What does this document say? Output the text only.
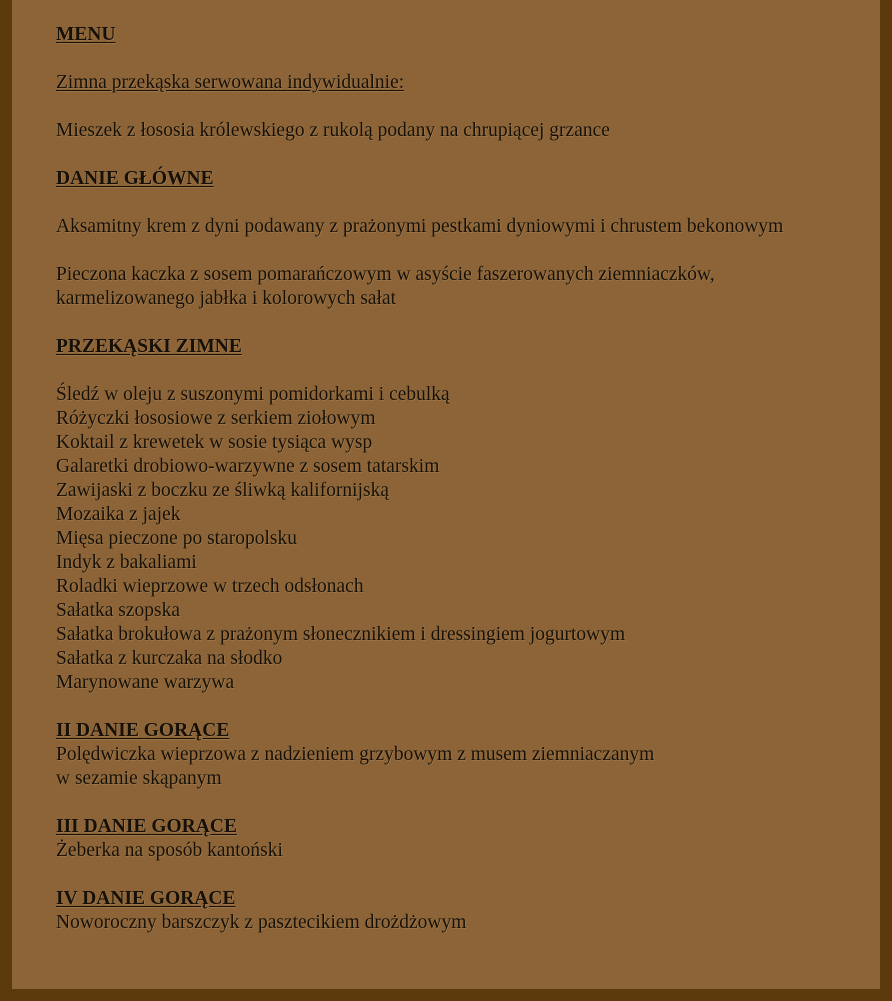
MENU
Zimna przekąska serwowana indywidualnie:
Mieszek z łososia królewskiego z rukolą podany na chrupiącej grzance
DANIE GŁÓWNE
Aksamitny krem z dyni podawany z prażonymi pestkami dyniowymi i chrustem bekonowym
Pieczona kaczka z sosem pomarańczowym w asyście faszerowanych ziemniaczków,
karmelizowanego jabłka i kolorowych sałat
PRZEKĄSKI ZIMNE
Śledź w oleju z suszonymi pomidorkami i cebulką
Różyczki łososiowe z serkiem ziołowym
Koktail z krewetek w sosie tysiąca wysp
Galaretki drobiowo-warzywne z sosem tatarskim
Zawijaski z boczku ze śliwką kalifornijską
Mozaika z jajek
Mięsa pieczone po staropolsku
Indyk z bakaliami
Roladki wieprzowe w trzech odsłonach
Sałatka szopska
Sałatka brokułowa z prażonym słonecznikiem i dressingiem jogurtowym
Sałatka z kurczaka na słodko
Marynowane warzywa
II DANIE GORĄCE
Polędwiczka wieprzowa z nadzieniem grzybowym z musem ziemniaczanym
w sezamie skąpanym
III DANIE GORĄCE
Żeberka na sposób kantoński
IV DANIE GORĄCE
Noworoczny barszczyk z pasztecikiem drożdżowym
